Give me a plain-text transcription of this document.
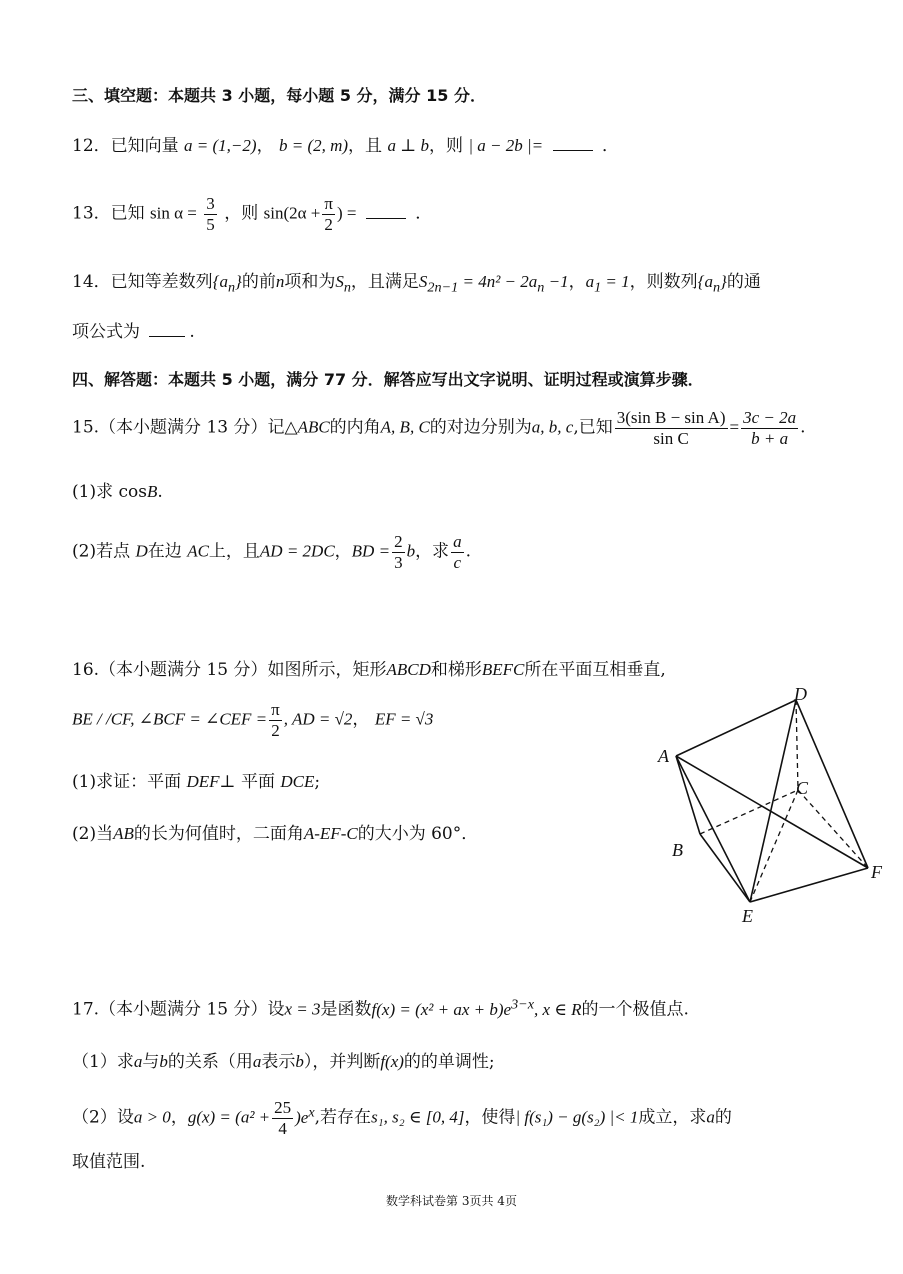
三、填空题：本题共 3 小题，每小题 5 分，满分 15 分．
12．已知向量 a = (1,−2)， b = (2, m)，且 a ⊥ b，则 | a − 2b |=	．
13．已知 $\sin \alpha = \frac{3}{5}$ ，则 $\sin(2\alpha + \frac{\pi}{2}$ ) =	．
14．已知等差数列$\{a_n\}$的前n项和为$S_n$，且满足$S_{2n-1} = 4n^2 - 2a_n -1$，$a_1 = 1$，则数列$\{a_n\}$的通
项公式为	.
四、解答题：本题共 5 小题，满分 77 分．解答应写出文字说明、证明过程或演算步骤．
15.（本小题满分 13 分）记△ABC的内角A, B, C的对边分别为a, b, c,已知 $\frac{\text{3(sin B − sin A)}}{\text{sin C}} = \frac{3c - 2a}{b + a}$ .
(1)求 cosB.
(2)若点 D在边 AC上，且AD = 2DC，BD = $\frac{2}{3}$ b，求 $\frac{a}{c}$ .
16.（本小题满分 15 分）如图所示，矩形ABCD和梯形BEFC所在平面互相垂直,
BE / /CF, ∠BCF = ∠CEF = $\frac{\pi}{2}$ , AD = √2， EF = √3
(1)求证：平面 DEF⊥ 平面 DCE;
(2)当AB的长为何值时，二面角A-EF-C的大小为 60°．
A
B
C
D
E
F
17.（本小题满分 15 分）设x = 3是函数f(x) = (x² + ax + $b)e^{3-x}$, x ∈ R的一个极值点.
（1）求a与b的关系（用a表示b），并判断f(x)的的单调性;
（2）设a > 0，$g(x) = (a^2 + \frac{25}{4} )e^x$,若存在s₁, s₂ ∈ [0, 4]，使得| f(s₁) − g(s₂) |< 1成立，求a的
取值范围.
数学科试卷第 3页共 4页
